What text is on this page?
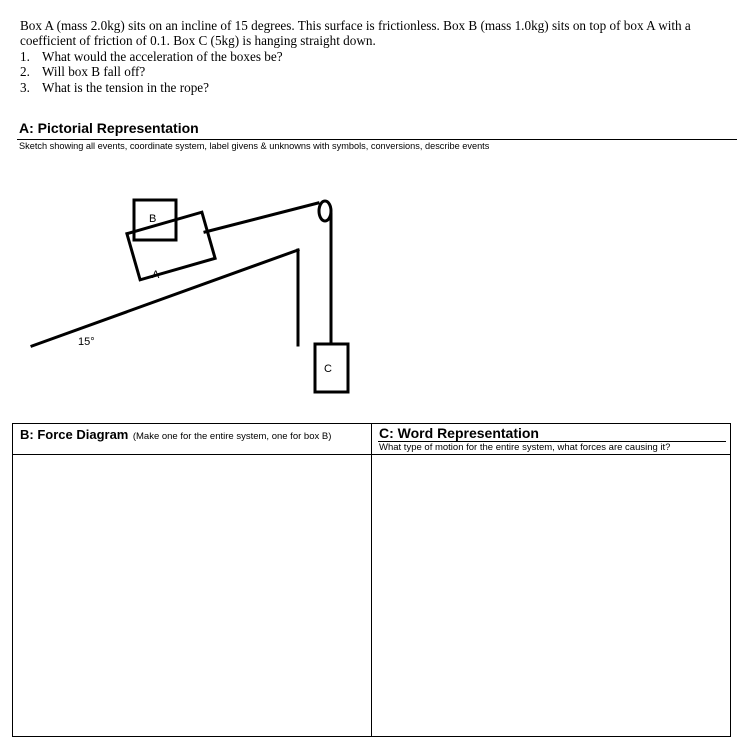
Box A (mass 2.0kg) sits on an incline of 15 degrees. This surface is frictionless. Box B (mass 1.0kg) sits on top of box A with a coefficient of friction of 0.1. Box C (5kg) is hanging straight down.

1. What would the acceleration of the boxes be?
2. Will box B fall off?
3. What is the tension in the rope?
A: Pictorial Representation
Sketch showing all events, coordinate system, label givens & unknowns with symbols, conversions, describe events
B
A
C
15°
B: Force Diagram (Make one for the entire system, one for box B)	C: Word Representation
What type of motion for the entire system, what forces are causing it?
